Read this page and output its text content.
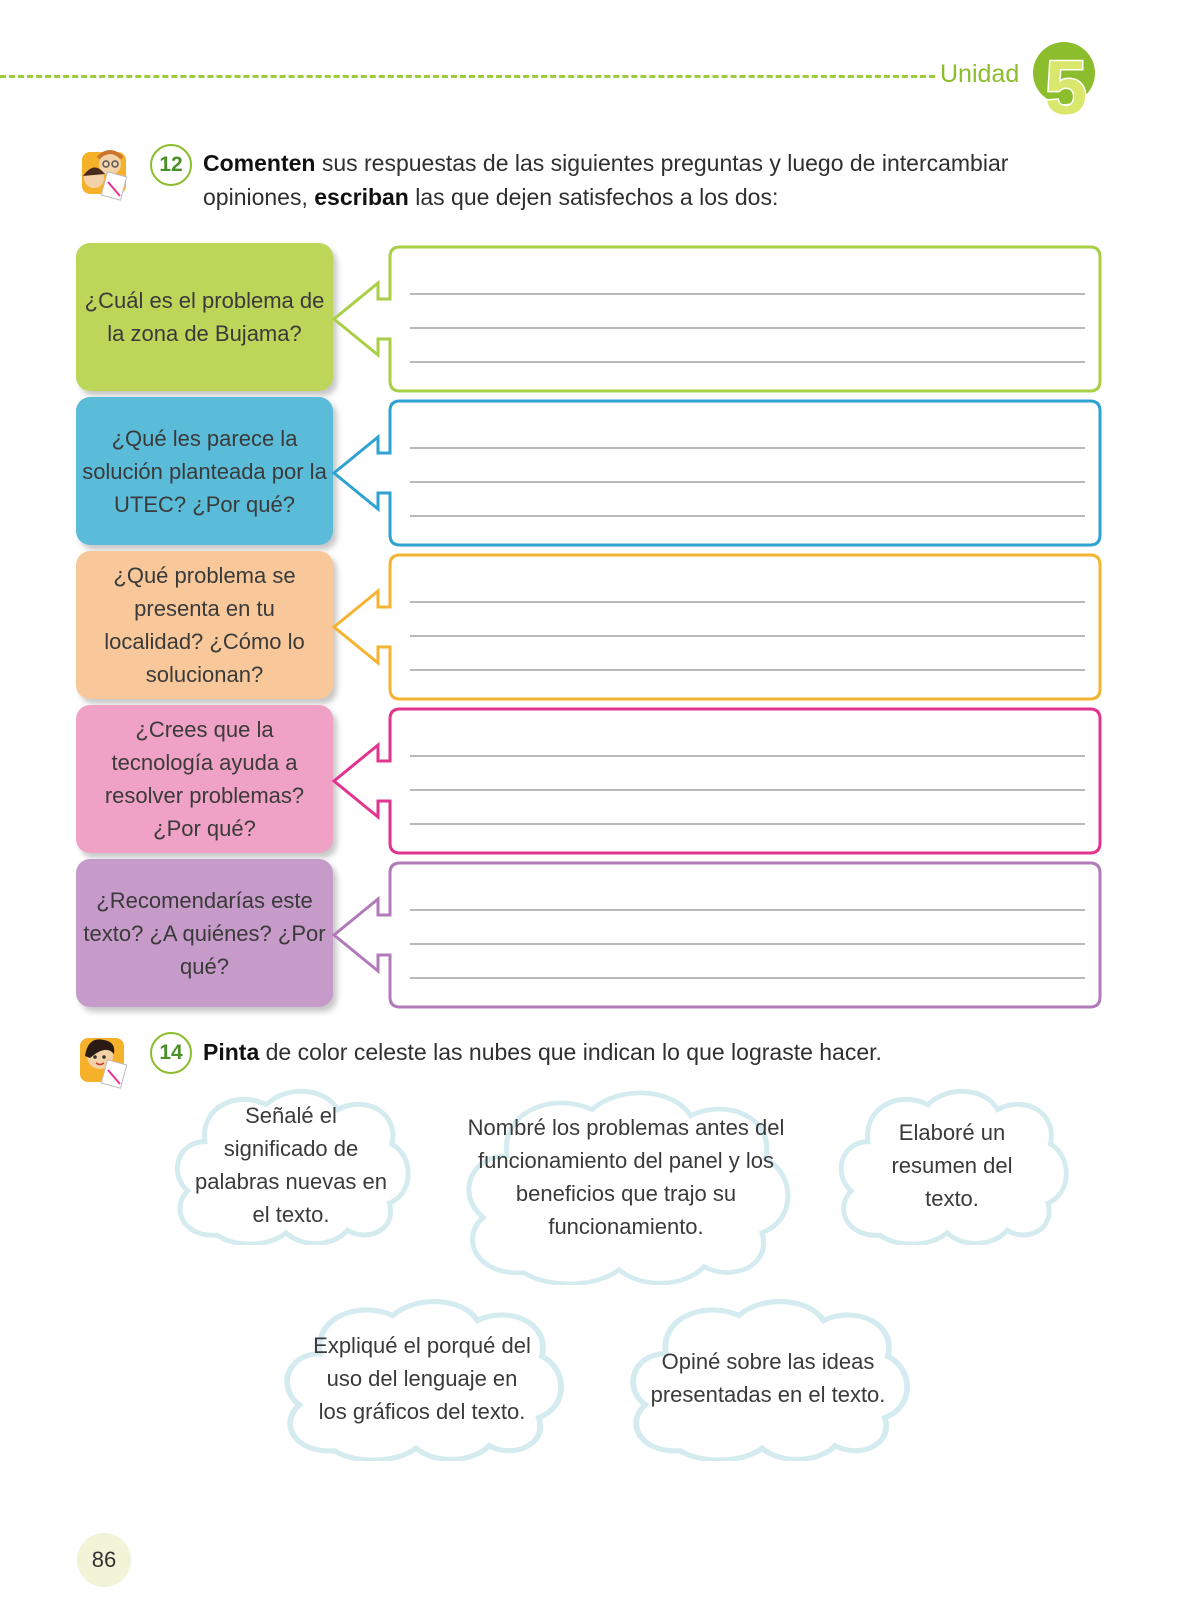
Unidad 5
12 Comenten sus respuestas de las siguientes preguntas y luego de intercambiar
opiniones, escriban las que dejen satisfechos a los dos:
¿Cuál es el problema de la zona de Bujama?
¿Qué les parece la solución planteada por la UTEC? ¿Por qué?
¿Qué problema se presenta en tu localidad? ¿Cómo lo solucionan?
¿Crees que la tecnología ayuda a resolver problemas? ¿Por qué?
¿Recomendarías este texto? ¿A quiénes? ¿Por qué?
14 Pinta de color celeste las nubes que indican lo que lograste hacer.
Señalé el significado de palabras nuevas en el texto.
Nombré los problemas antes del funcionamiento del panel y los beneficios que trajo su funcionamiento.
Elaboré un resumen del texto.
Expliqué el porqué del uso del lenguaje en los gráficos del texto.
Opiné sobre las ideas presentadas en el texto.
86
